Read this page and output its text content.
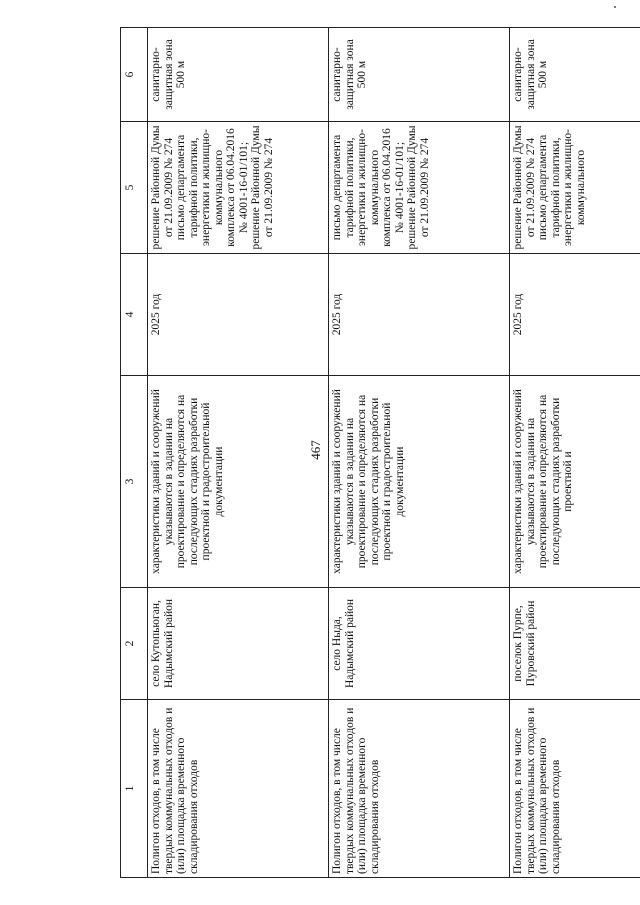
467
1	2	3	4	5	6
Полигон отходов, в том числе твердых коммунальных отходов и (или) площадка временного складирования отходов	село Кутопьюган, Надымский район	характеристики зданий и сооружений указываются в задании на проектирование и определяются на последующих стадиях разработки проектной и градостроительной документации	2025 год	решение Районной Думы от 21.09.2009 № 274 письмо департамента тарифной политики, энергетики и жилищно-коммунального комплекса от 06.04.2016 № 4001-16-01/101; решение Районной Думы от 21.09.2009 № 274	санитарно-защитная зона 500 м
Полигон отходов, в том числе твердых коммунальных отходов и (или) площадка временного складирования отходов	село Ныда, Надымский район	характеристики зданий и сооружений указываются в задании на проектирование и определяются на последующих стадиях разработки проектной и градостроительной документации	2025 год	письмо департамента тарифной политики, энергетики и жилищно-коммунального комплекса от 06.04.2016 № 4001-16-01/101; решение Районной Думы от 21.09.2009 № 274	санитарно-защитная зона 500 м
Полигон отходов, в том числе твердых коммунальных отходов и (или) площадка временного складирования отходов	поселок Пурпе, Пуровский район	характеристики зданий и сооружений указываются в задании на проектирование и определяются на последующих стадиях разработки проектной и	2025 год	решение Районной Думы от 21.09.2009 № 274 письмо департамента тарифной политики, энергетики и жилищно-коммунального	санитарно-защитная зона 500 м
